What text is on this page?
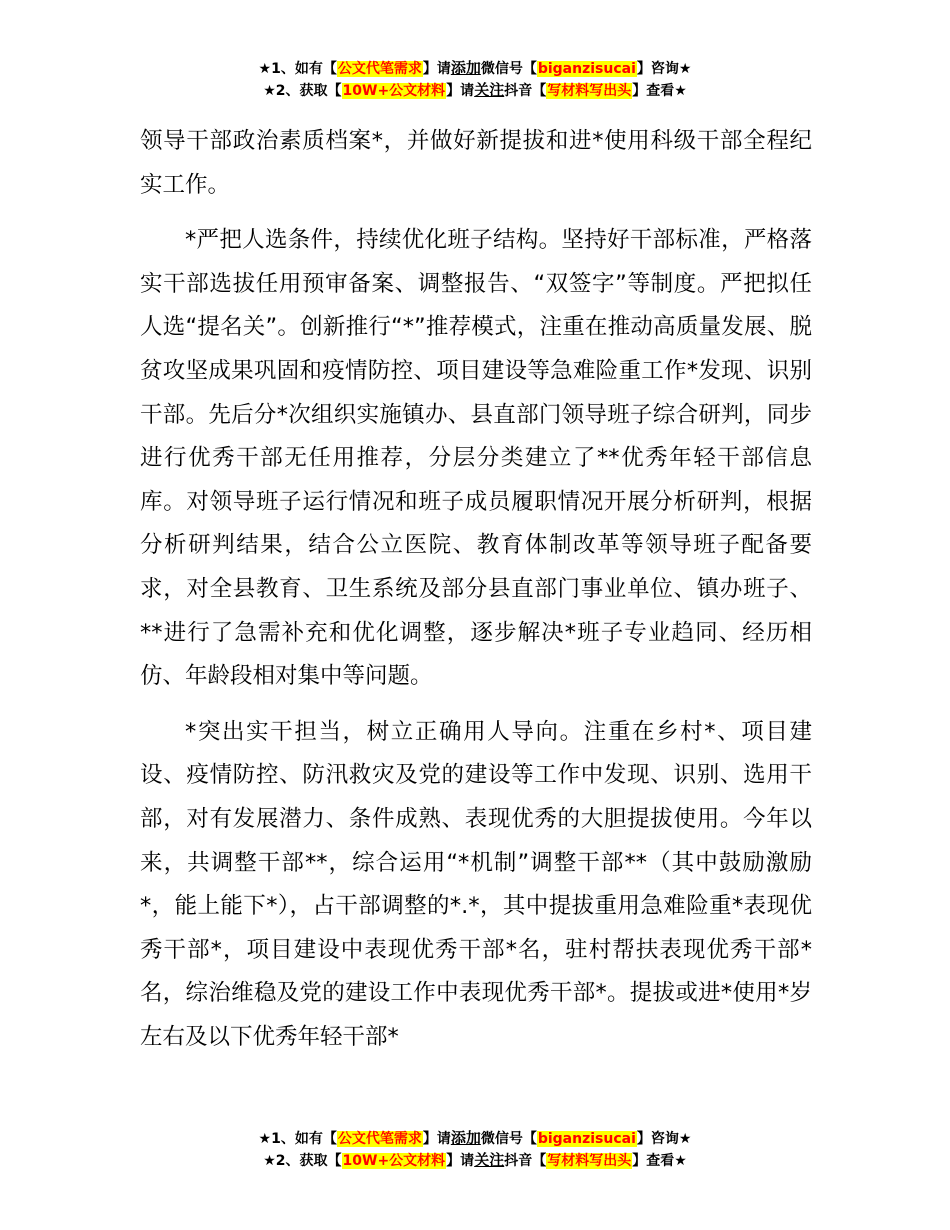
★1、如有【公文代笔需求】请添加微信号【biganzisucai】咨询★
★2、获取【10W+公文材料】请关注抖音【写材料写出头】查看★

领导干部政治素质档案*，并做好新提拔和进*使用科级干部全程纪实工作。

*严把人选条件，持续优化班子结构。坚持好干部标准，严格落实干部选拔任用预审备案、调整报告、“双签字”等制度。严把拟任人选“提名关”。创新推行“*”推荐模式，注重在推动高质量发展、脱贫攻坚成果巩固和疫情防控、项目建设等急难险重工作*发现、识别干部。先后分*次组织实施镇办、县直部门领导班子综合研判，同步进行优秀干部无任用推荐，分层分类建立了**优秀年轻干部信息库。对领导班子运行情况和班子成员履职情况开展分析研判，根据分析研判结果，结合公立医院、教育体制改革等领导班子配备要求，对全县教育、卫生系统及部分县直部门事业单位、镇办班子、**进行了急需补充和优化调整，逐步解决*班子专业趋同、经历相仿、年龄段相对集中等问题。

*突出实干担当，树立正确用人导向。注重在乡村*、项目建设、疫情防控、防汛救灾及党的建设等工作中发现、识别、选用干部，对有发展潜力、条件成熟、表现优秀的大胆提拔使用。今年以来，共调整干部**，综合运用“*机制”调整干部**（其中鼓励激励*，能上能下*），占干部调整的*.*，其中提拔重用急难险重*表现优秀干部*，项目建设中表现优秀干部*名，驻村帮扶表现优秀干部*名，综治维稳及党的建设工作中表现优秀干部*。提拔或进*使用*岁左右及以下优秀年轻干部*

★1、如有【公文代笔需求】请添加微信号【biganzisucai】咨询★
★2、获取【10W+公文材料】请关注抖音【写材料写出头】查看★
